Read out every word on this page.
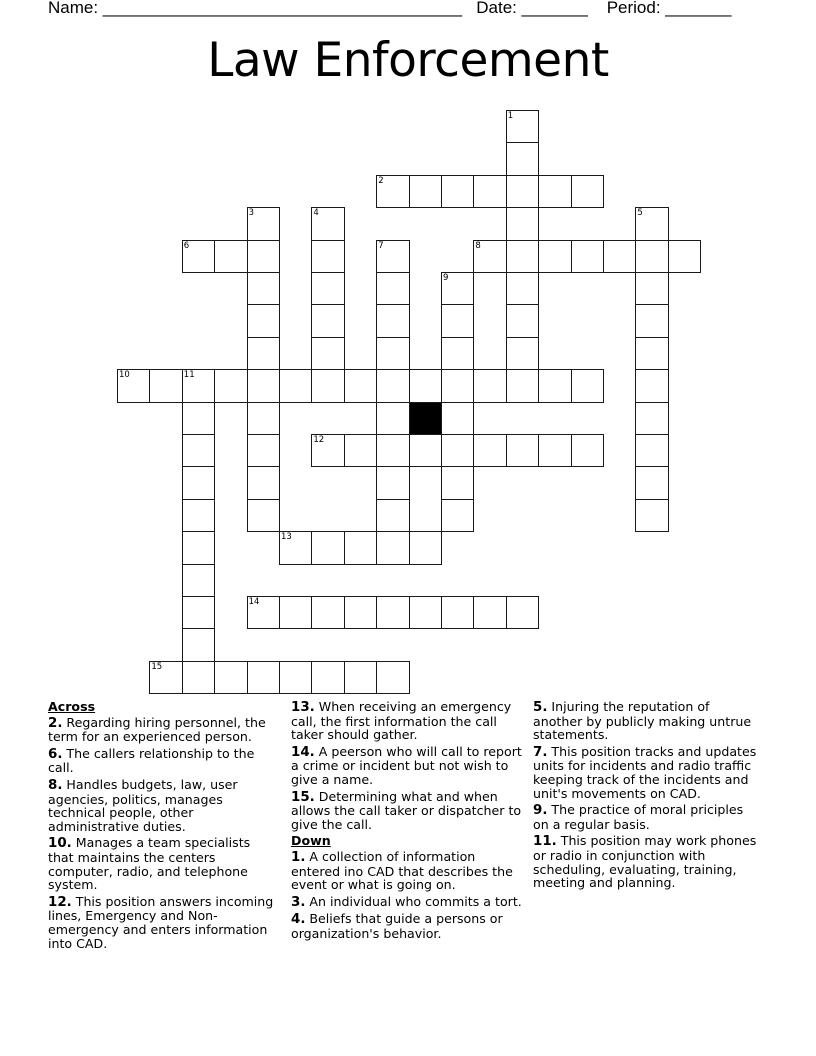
Name: ______________________________________ Date: _______ Period: _______
Law Enforcement
1
2
3	4	5
6	7	8
9
10	11
12
13
14
15
Across
2. Regarding hiring personnel, the term for an experienced person.
6. The callers relationship to the call.
8. Handles budgets, law, user agencies, politics, manages technical people, other administrative duties.
10. Manages a team specialists that maintains the centers computer, radio, and telephone system.
12. This position answers incoming lines, Emergency and Non-emergency and enters information into CAD.
13. When receiving an emergency call, the first information the call taker should gather.
14. A peerson who will call to report a crime or incident but not wish to give a name.
15. Determining what and when allows the call taker or dispatcher to give the call.
Down
1. A collection of information entered ino CAD that describes the event or what is going on.
3. An individual who commits a tort.
4. Beliefs that guide a persons or organization's behavior.
5. Injuring the reputation of another by publicly making untrue statements.
7. This position tracks and updates units for incidents and radio traffic keeping track of the incidents and unit's movements on CAD.
9. The practice of moral priciples on a regular basis.
11. This position may work phones or radio in conjunction with scheduling, evaluating, training, meeting and planning.
